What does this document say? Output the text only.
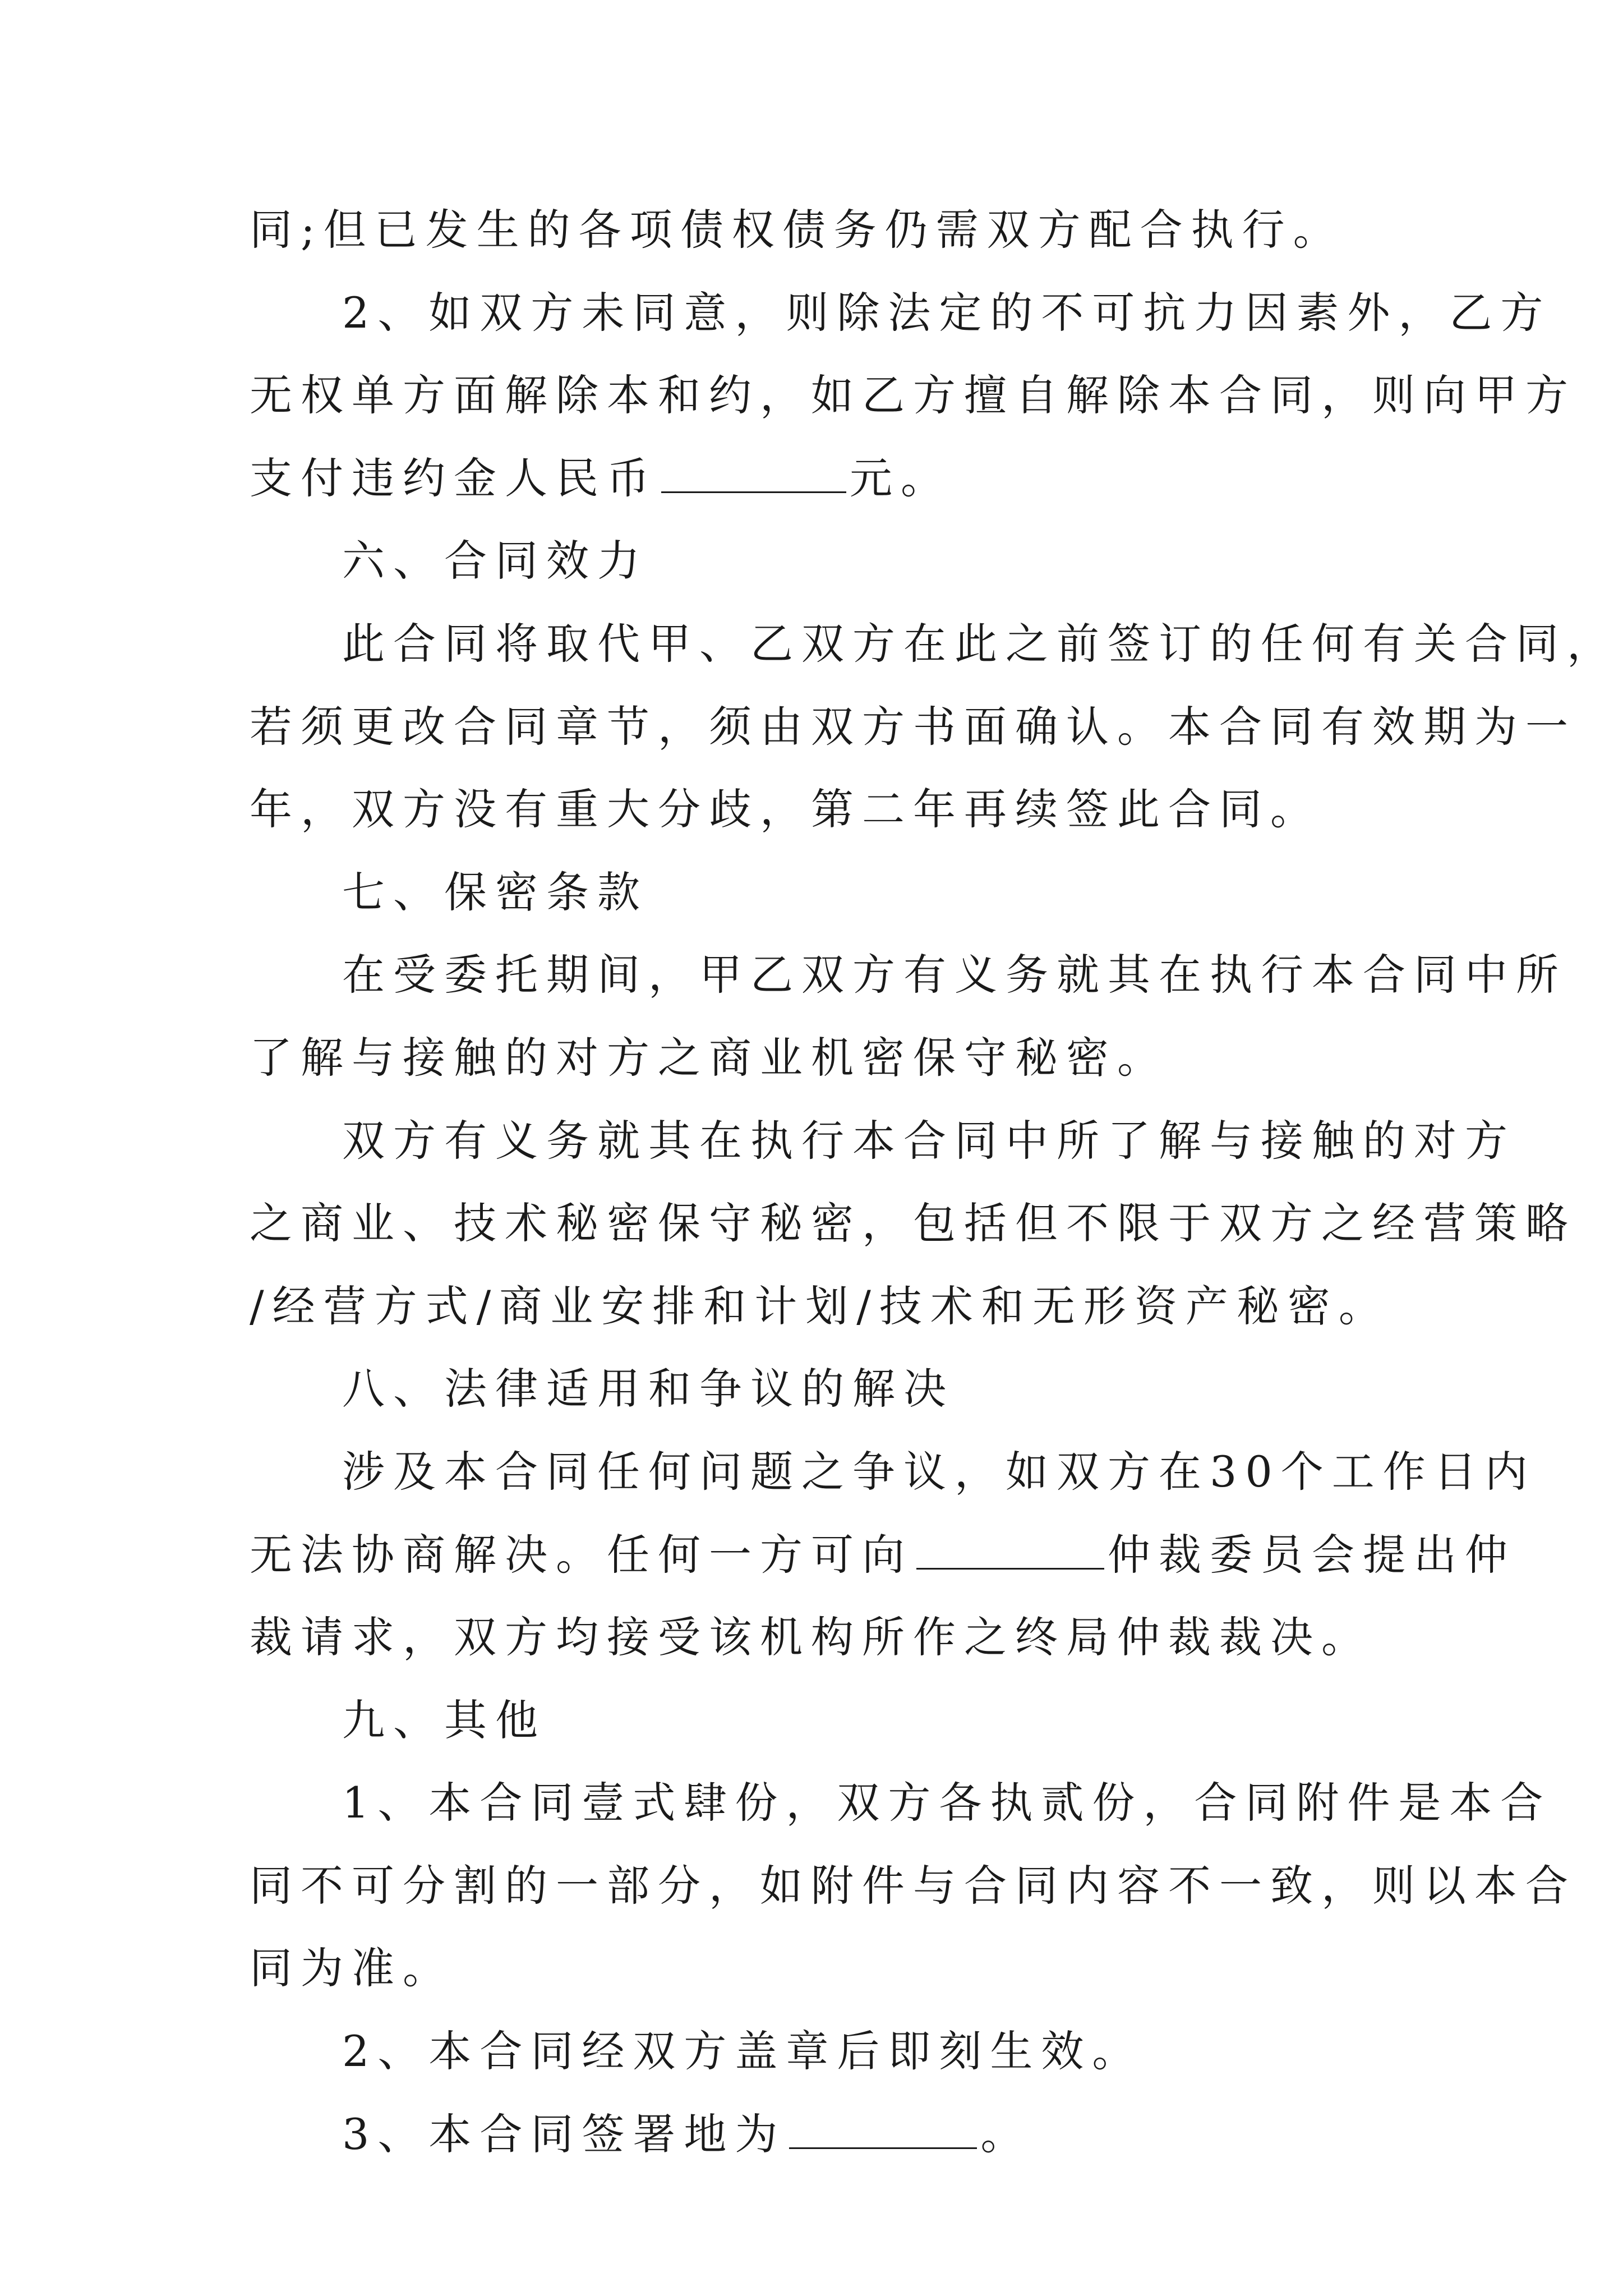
同;但已发生的各项债权债务仍需双方配合执行。
2、如双方未同意，则除法定的不可抗力因素外，乙方
无权单方面解除本和约，如乙方擅自解除本合同，则向甲方
支付违约金人民币	元。
六、合同效力
此合同将取代甲、乙双方在此之前签订的任何有关合同，
若须更改合同章节，须由双方书面确认。本合同有效期为一
年，双方没有重大分歧，第二年再续签此合同。
七、保密条款
在受委托期间，甲乙双方有义务就其在执行本合同中所
了解与接触的对方之商业机密保守秘密。
双方有义务就其在执行本合同中所了解与接触的对方
之商业、技术秘密保守秘密，包括但不限于双方之经营策略
/经营方式/商业安排和计划/技术和无形资产秘密。
八、法律适用和争议的解决
涉及本合同任何问题之争议，如双方在30个工作日内
无法协商解决。任何一方可向	仲裁委员会提出仲
裁请求，双方均接受该机构所作之终局仲裁裁决。
九、其他
1、本合同壹式肆份，双方各执贰份，合同附件是本合
同不可分割的一部分，如附件与合同内容不一致，则以本合
同为准。
2、本合同经双方盖章后即刻生效。
3、本合同签署地为	。
